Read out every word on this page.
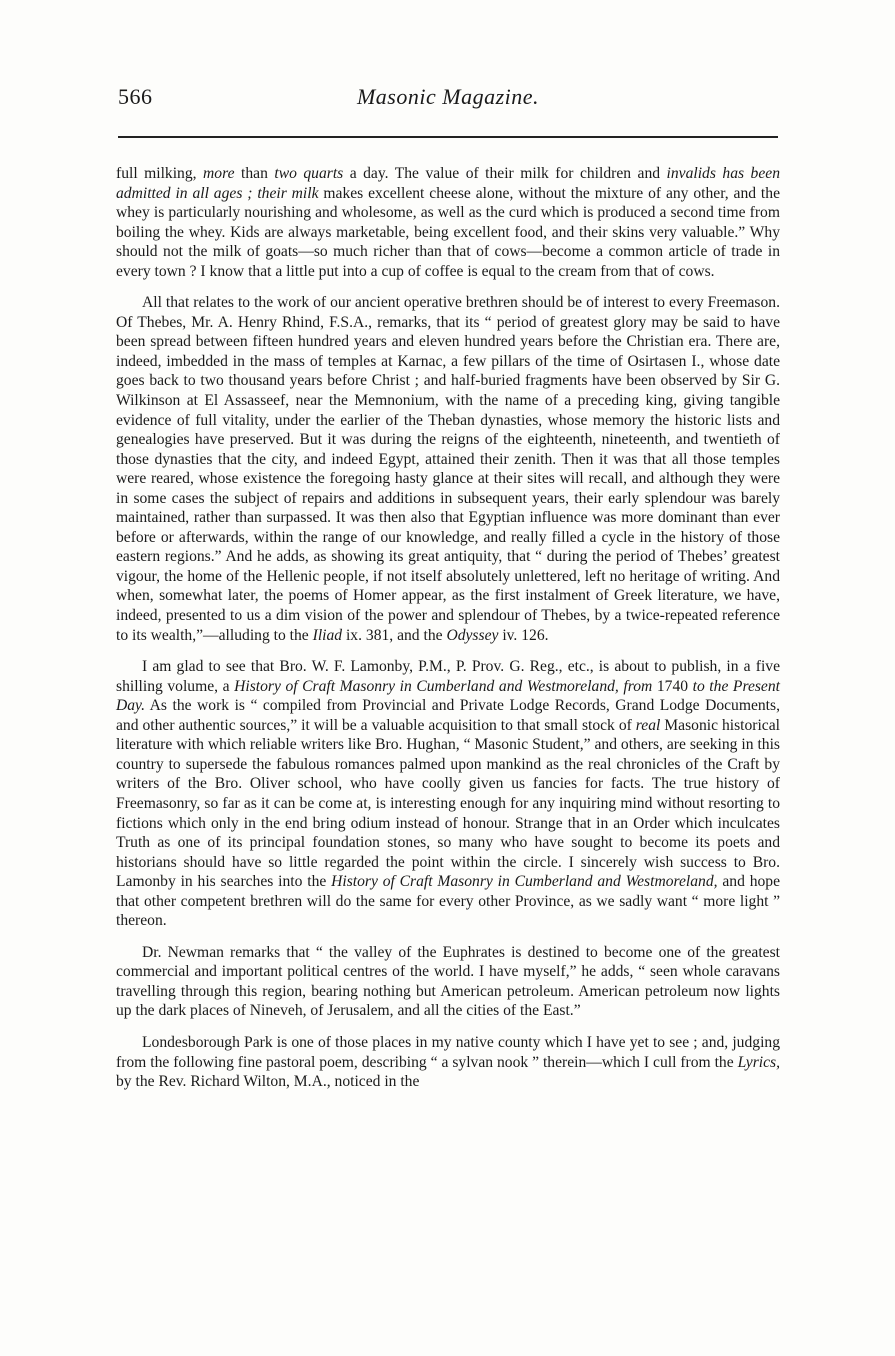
566	Masonic Magazine.

full milking, more than two quarts a day. The value of their milk for children and invalids has been admitted in all ages ; their milk makes excellent cheese alone, without the mixture of any other, and the whey is particularly nourishing and wholesome, as well as the curd which is produced a second time from boiling the whey. Kids are always marketable, being excellent food, and their skins very valuable.” Why should not the milk of goats—so much richer than that of cows—become a common article of trade in every town ? I know that a little put into a cup of coffee is equal to the cream from that of cows.

All that relates to the work of our ancient operative brethren should be of interest to every Freemason. Of Thebes, Mr. A. Henry Rhind, F.S.A., remarks, that its “ period of greatest glory may be said to have been spread between fifteen hundred years and eleven hundred years before the Christian era. There are, indeed, imbedded in the mass of temples at Karnac, a few pillars of the time of Osirtasen I., whose date goes back to two thousand years before Christ ; and half-buried fragments have been observed by Sir G. Wilkinson at El Assasseef, near the Memnonium, with the name of a preceding king, giving tangible evidence of full vitality, under the earlier of the Theban dynasties, whose memory the historic lists and genealogies have preserved. But it was during the reigns of the eighteenth, nineteenth, and twentieth of those dynasties that the city, and indeed Egypt, attained their zenith. Then it was that all those temples were reared, whose existence the foregoing hasty glance at their sites will recall, and although they were in some cases the subject of repairs and additions in subsequent years, their early splendour was barely maintained, rather than surpassed. It was then also that Egyptian influence was more dominant than ever before or afterwards, within the range of our knowledge, and really filled a cycle in the history of those eastern regions.” And he adds, as showing its great antiquity, that “ during the period of Thebes’ greatest vigour, the home of the Hellenic people, if not itself absolutely unlettered, left no heritage of writing. And when, somewhat later, the poems of Homer appear, as the first instalment of Greek literature, we have, indeed, presented to us a dim vision of the power and splendour of Thebes, by a twice-repeated reference to its wealth,”—alluding to the Iliad ix. 381, and the Odyssey iv. 126.

I am glad to see that Bro. W. F. Lamonby, P.M., P. Prov. G. Reg., etc., is about to publish, in a five shilling volume, a History of Craft Masonry in Cumberland and Westmoreland, from 1740 to the Present Day. As the work is “ compiled from Provincial and Private Lodge Records, Grand Lodge Documents, and other authentic sources,” it will be a valuable acquisition to that small stock of real Masonic historical literature with which reliable writers like Bro. Hughan, “ Masonic Student,” and others, are seeking in this country to supersede the fabulous romances palmed upon mankind as the real chronicles of the Craft by writers of the Bro. Oliver school, who have coolly given us fancies for facts. The true history of Freemasonry, so far as it can be come at, is interesting enough for any inquiring mind without resorting to fictions which only in the end bring odium instead of honour. Strange that in an Order which inculcates Truth as one of its principal foundation stones, so many who have sought to become its poets and historians should have so little regarded the point within the circle. I sincerely wish success to Bro. Lamonby in his searches into the History of Craft Masonry in Cumberland and Westmoreland, and hope that other competent brethren will do the same for every other Province, as we sadly want “ more light ” thereon.

Dr. Newman remarks that “ the valley of the Euphrates is destined to become one of the greatest commercial and important political centres of the world. I have myself,” he adds, “ seen whole caravans travelling through this region, bearing nothing but American petroleum. American petroleum now lights up the dark places of Nineveh, of Jerusalem, and all the cities of the East.”

Londesborough Park is one of those places in my native county which I have yet to see ; and, judging from the following fine pastoral poem, describing “ a sylvan nook ” therein—which I cull from the Lyrics, by the Rev. Richard Wilton, M.A., noticed in the
